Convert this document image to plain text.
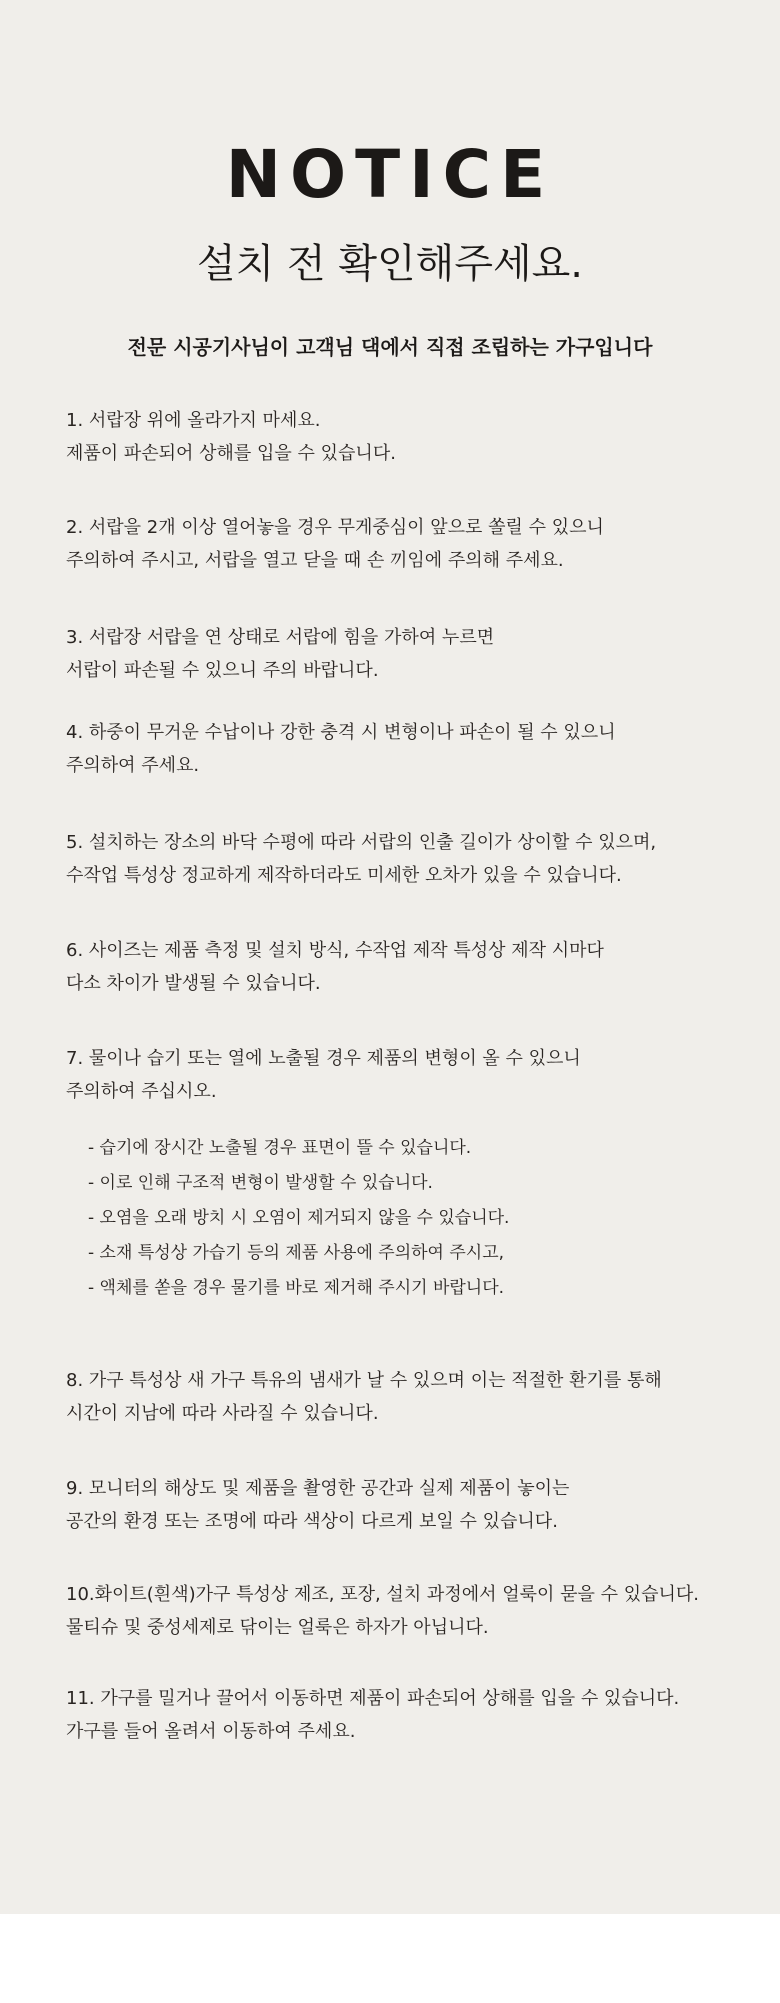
NOTICE
설치 전 확인해주세요.
전문 시공기사님이 고객님 댁에서 직접 조립하는 가구입니다

1. 서랍장 위에 올라가지 마세요.

제품이 파손되어 상해를 입을 수 있습니다.

2. 서랍을 2개 이상 열어놓을 경우 무게중심이 앞으로 쏠릴 수 있으니

주의하여 주시고, 서랍을 열고 닫을 때 손 끼임에 주의해 주세요.

3. 서랍장 서랍을 연 상태로 서랍에 힘을 가하여 누르면

서랍이 파손될 수 있으니 주의 바랍니다.

4. 하중이 무거운 수납이나 강한 충격 시 변형이나 파손이 될 수 있으니

주의하여 주세요.

5. 설치하는 장소의 바닥 수평에 따라 서랍의 인출 길이가 상이할 수 있으며,

수작업 특성상 정교하게 제작하더라도 미세한 오차가 있을 수 있습니다.

6. 사이즈는 제품 측정 및 설치 방식, 수작업 제작 특성상 제작 시마다

다소 차이가 발생될 수 있습니다.

7. 물이나 습기 또는 열에 노출될 경우 제품의 변형이 올 수 있으니

주의하여 주십시오.

- 습기에 장시간 노출될 경우 표면이 뜰 수 있습니다.

- 이로 인해 구조적 변형이 발생할 수 있습니다.

- 오염을 오래 방치 시 오염이 제거되지 않을 수 있습니다.

- 소재 특성상 가습기 등의 제품 사용에 주의하여 주시고,

- 액체를 쏟을 경우 물기를 바로 제거해 주시기 바랍니다.

8. 가구 특성상 새 가구 특유의 냄새가 날 수 있으며 이는 적절한 환기를 통해

시간이 지남에 따라 사라질 수 있습니다.

9. 모니터의 해상도 및 제품을 촬영한 공간과 실제 제품이 놓이는

공간의 환경 또는 조명에 따라 색상이 다르게 보일 수 있습니다.

10.화이트(흰색)가구 특성상 제조, 포장, 설치 과정에서 얼룩이 묻을 수 있습니다.

물티슈 및 중성세제로 닦이는 얼룩은 하자가 아닙니다.

11. 가구를 밀거나 끌어서 이동하면 제품이 파손되어 상해를 입을 수 있습니다.

가구를 들어 올려서 이동하여 주세요.
